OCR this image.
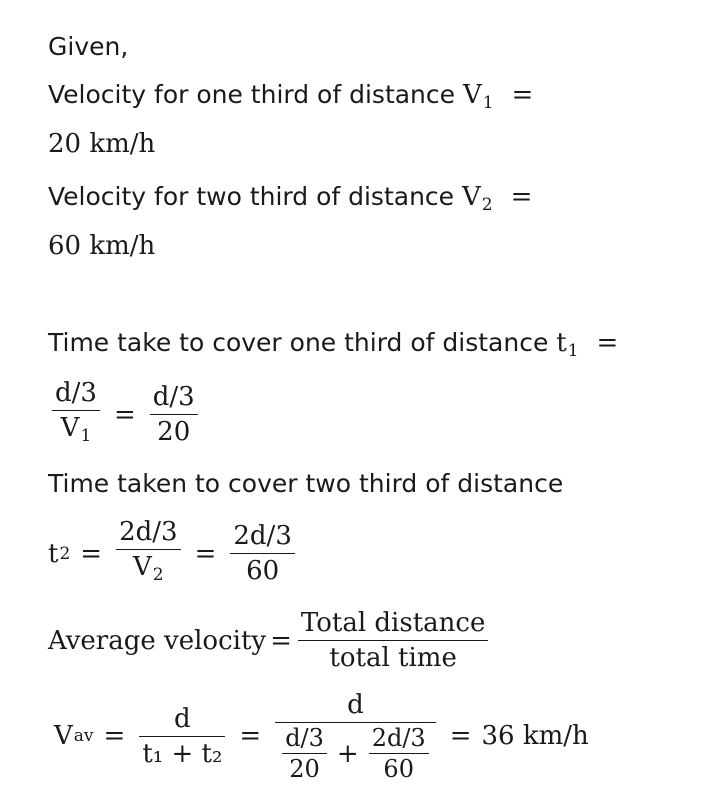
Given,
Velocity for one third of distance $V_1$ =
20 km/h
Velocity for two third of distance $V_2$ =
60 km/h
Time take to cover one third of distance $t_1$ =
$\frac{d/3}{V_1} = \frac{d/3}{20}$
Time taken to cover two third of distance
t $2 = \frac{2d/3}{V_2} = \frac{2d/3}{60}$
Average velocity = $\frac{\text{Total distance}}{\text{total time}}$
V av = $\frac{d}{\text{t₁ + t₂}}$ =
d
$\frac{d/3}{20} + \frac{2d/3}{60} = 36$ km/h
